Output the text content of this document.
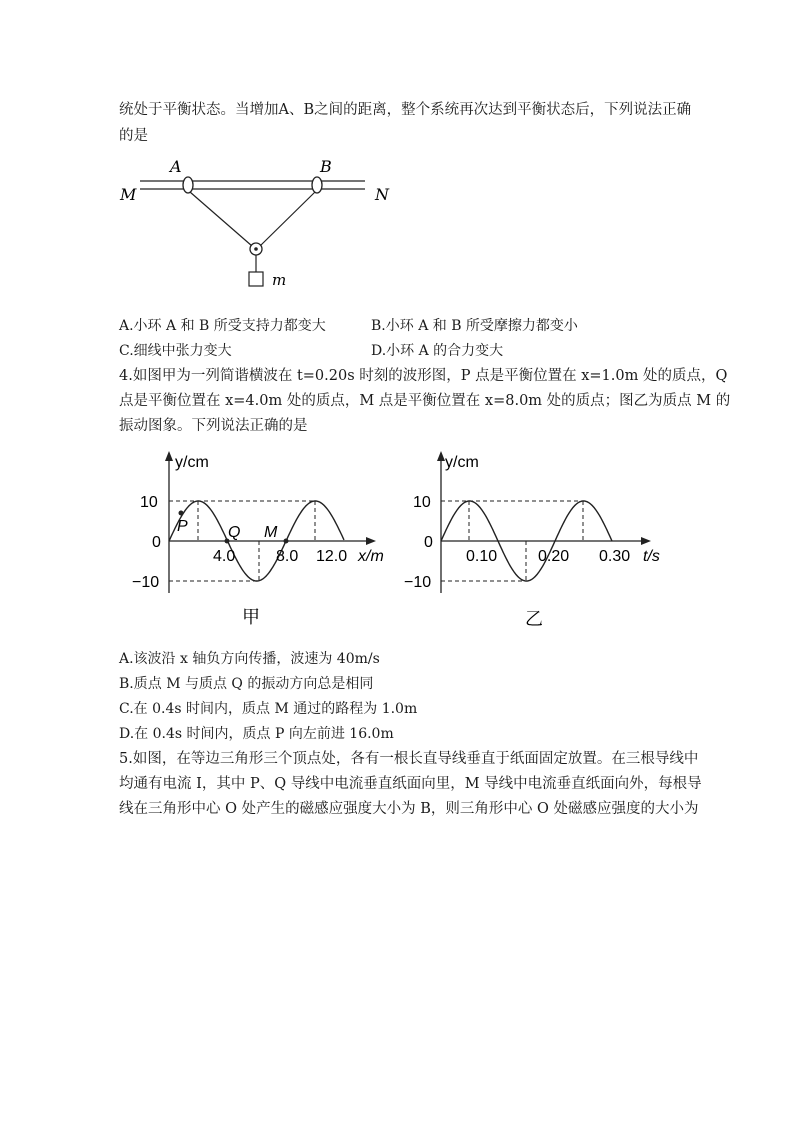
统处于平衡状态。当增加A、B之间的距离，整个系统再次达到平衡状态后，下列说法正确
的是
A	B
M	N
m
A.小环 A 和 B 所受支持力都变大	B.小环 A 和 B 所受摩擦力都变小
C.细线中张力变大	D.小环 A 的合力变大
4.如图甲为一列简谐横波在 t=0.20s 时刻的波形图，P 点是平衡位置在 x=1.0m 处的质点，Q
点是平衡位置在 x=4.0m 处的质点，M 点是平衡位置在 x=8.0m 处的质点；图乙为质点 M 的
振动图象。下列说法正确的是
y/cm
x/m
10
0
−10
P	Q M
4.0	8.0 12.0
甲
y/cm
t/s
10
0
−10
0.10	0.20 0.30
乙
A.该波沿 x 轴负方向传播，波速为 40m/s
B.质点 M 与质点 Q 的振动方向总是相同
C.在 0.4s 时间内，质点 M 通过的路程为 1.0m
D.在 0.4s 时间内，质点 P 向左前进 16.0m
5.如图，在等边三角形三个顶点处，各有一根长直导线垂直于纸面固定放置。在三根导线中
均通有电流 I，其中 P、Q 导线中电流垂直纸面向里，M 导线中电流垂直纸面向外，每根导
线在三角形中心 O 处产生的磁感应强度大小为 B，则三角形中心 O 处磁感应强度的大小为
